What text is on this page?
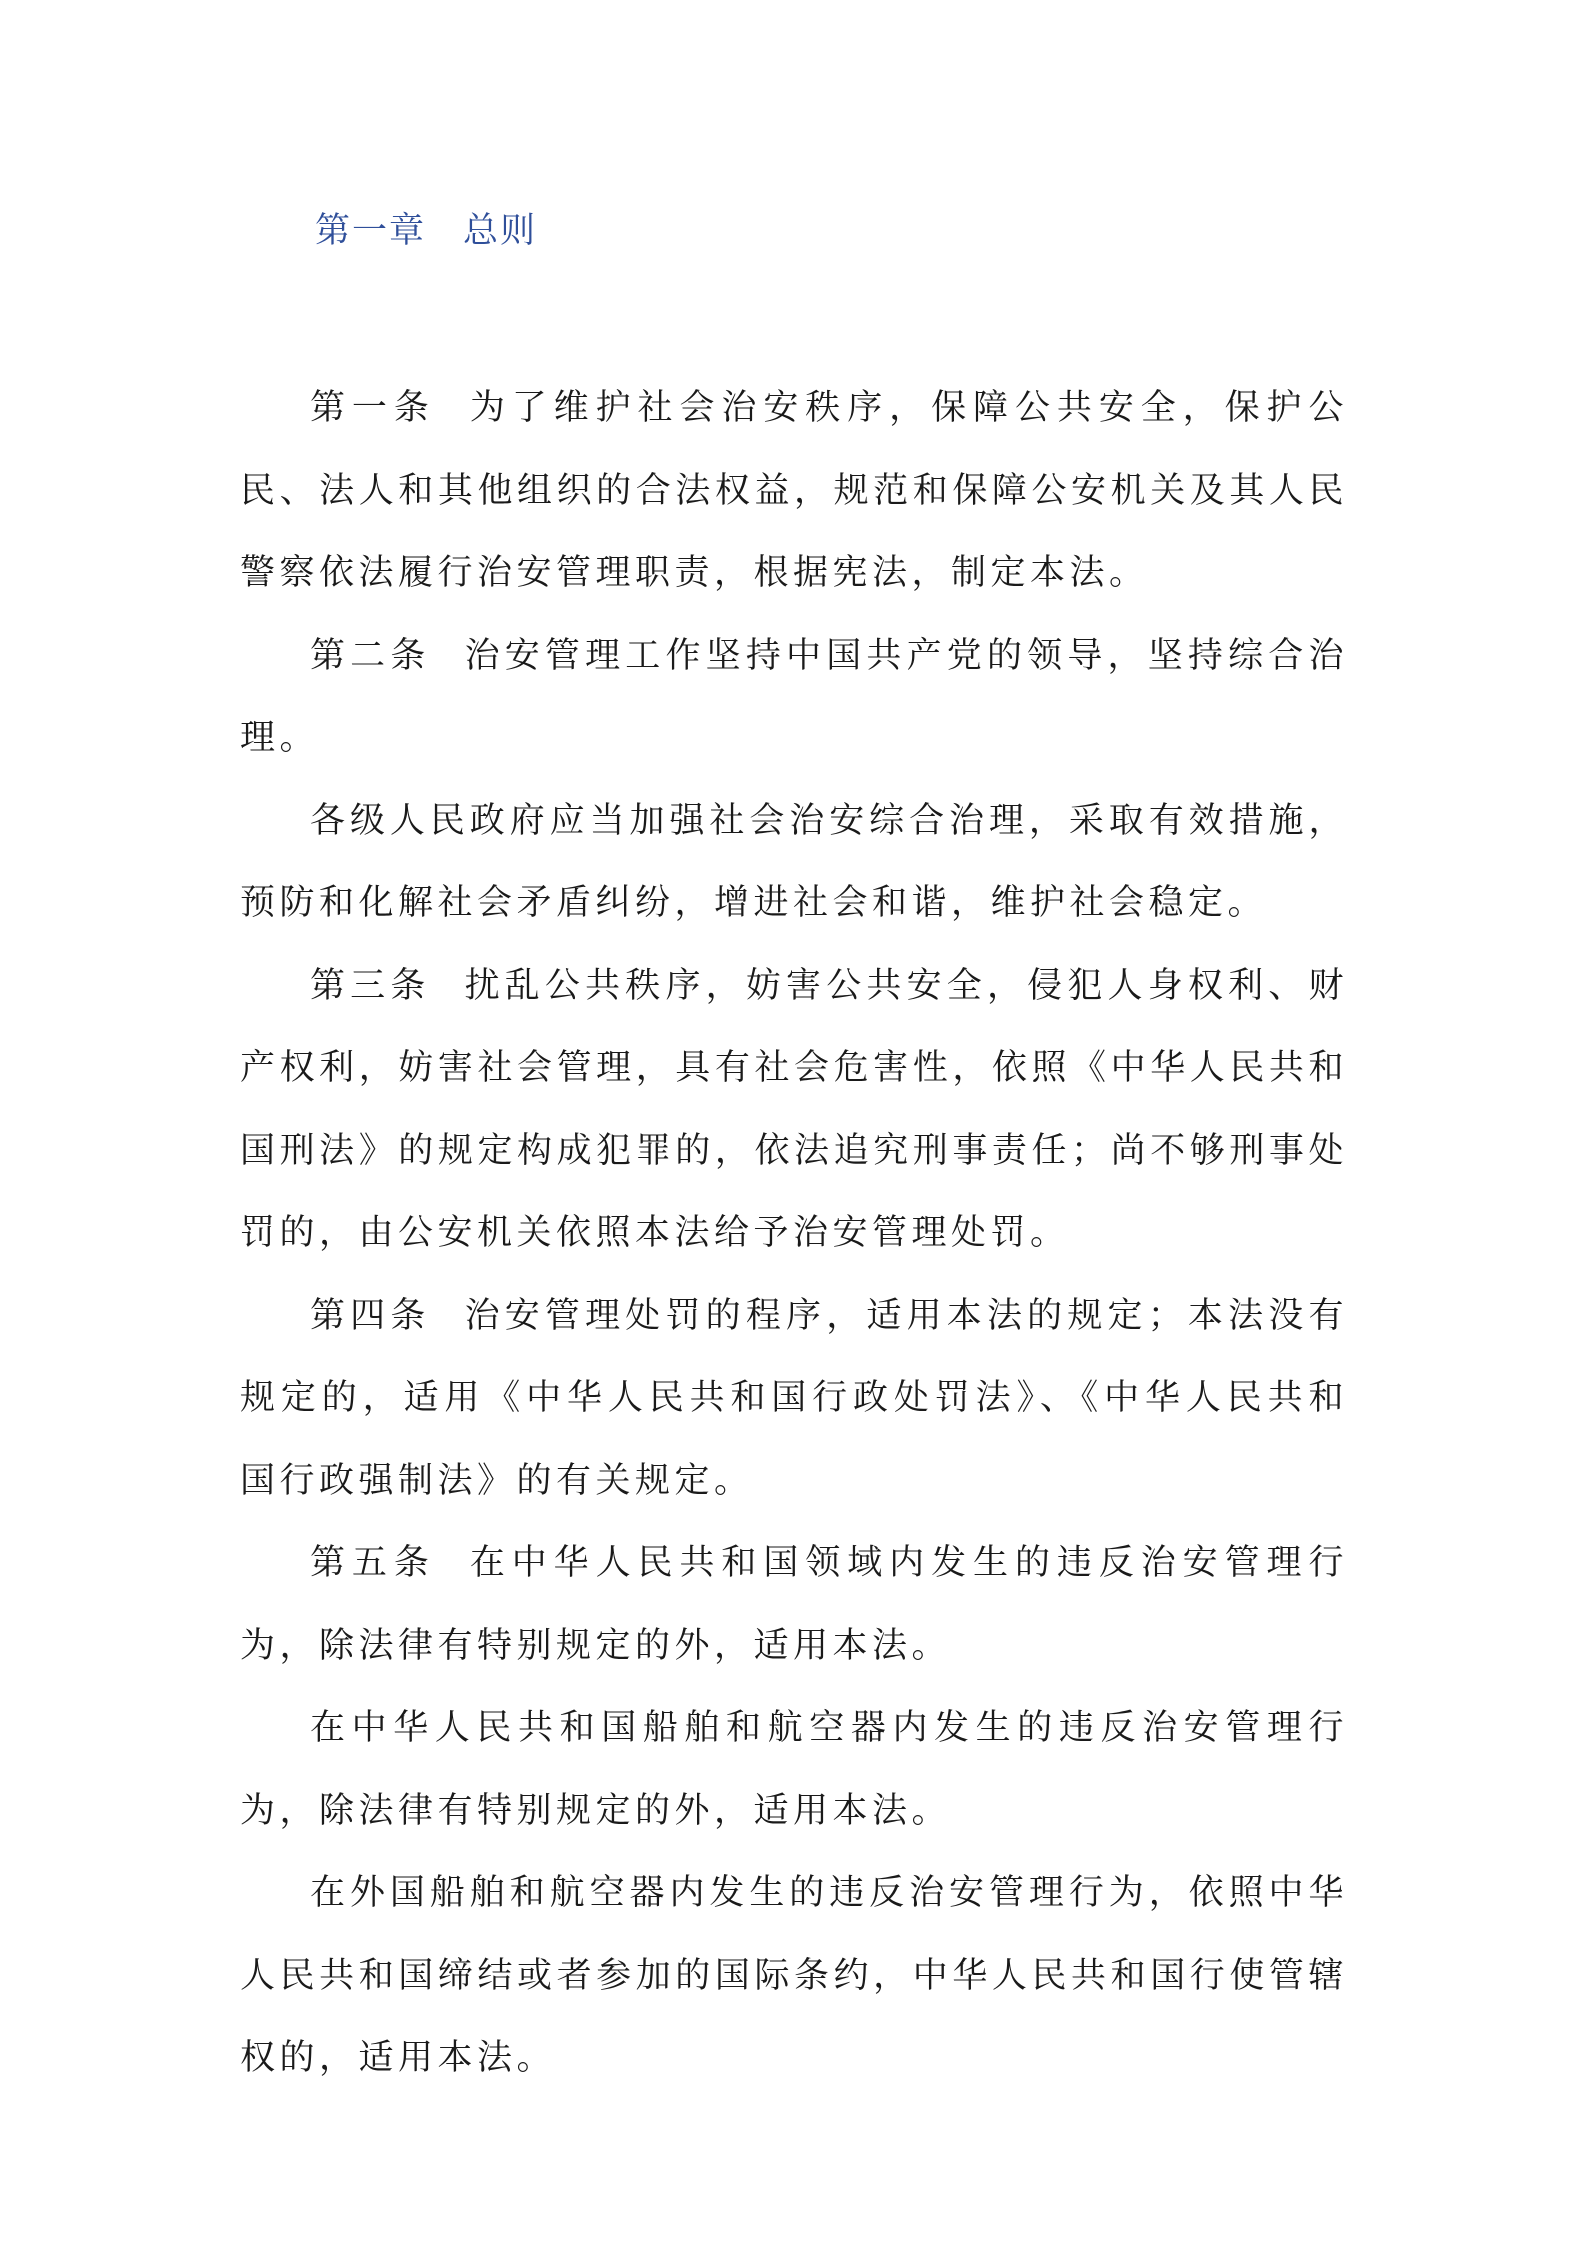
第一章　总则

第一条 为了维护社会治安秩序，保障公共安全，保护公民、法人和其他组织的合法权益，规范和保障公安机关及其人民警察依法履行治安管理职责，根据宪法，制定本法。

第二条 治安管理工作坚持中国共产党的领导，坚持综合治理。

各级人民政府应当加强社会治安综合治理，采取有效措施，预防和化解社会矛盾纠纷，增进社会和谐，维护社会稳定。

第三条 扰乱公共秩序，妨害公共安全，侵犯人身权利、财产权利，妨害社会管理，具有社会危害性，依照《中华人民共和国刑法》的规定构成犯罪的，依法追究刑事责任；尚不够刑事处罚的，由公安机关依照本法给予治安管理处罚。

第四条 治安管理处罚的程序，适用本法的规定；本法没有规定的，适用《中华人民共和国行政处罚法》、《中华人民共和国行政强制法》的有关规定。

第五条 在中华人民共和国领域内发生的违反治安管理行为，除法律有特别规定的外，适用本法。

在中华人民共和国船舶和航空器内发生的违反治安管理行为，除法律有特别规定的外，适用本法。

在外国船舶和航空器内发生的违反治安管理行为，依照中华人民共和国缔结或者参加的国际条约，中华人民共和国行使管辖权的，适用本法。
